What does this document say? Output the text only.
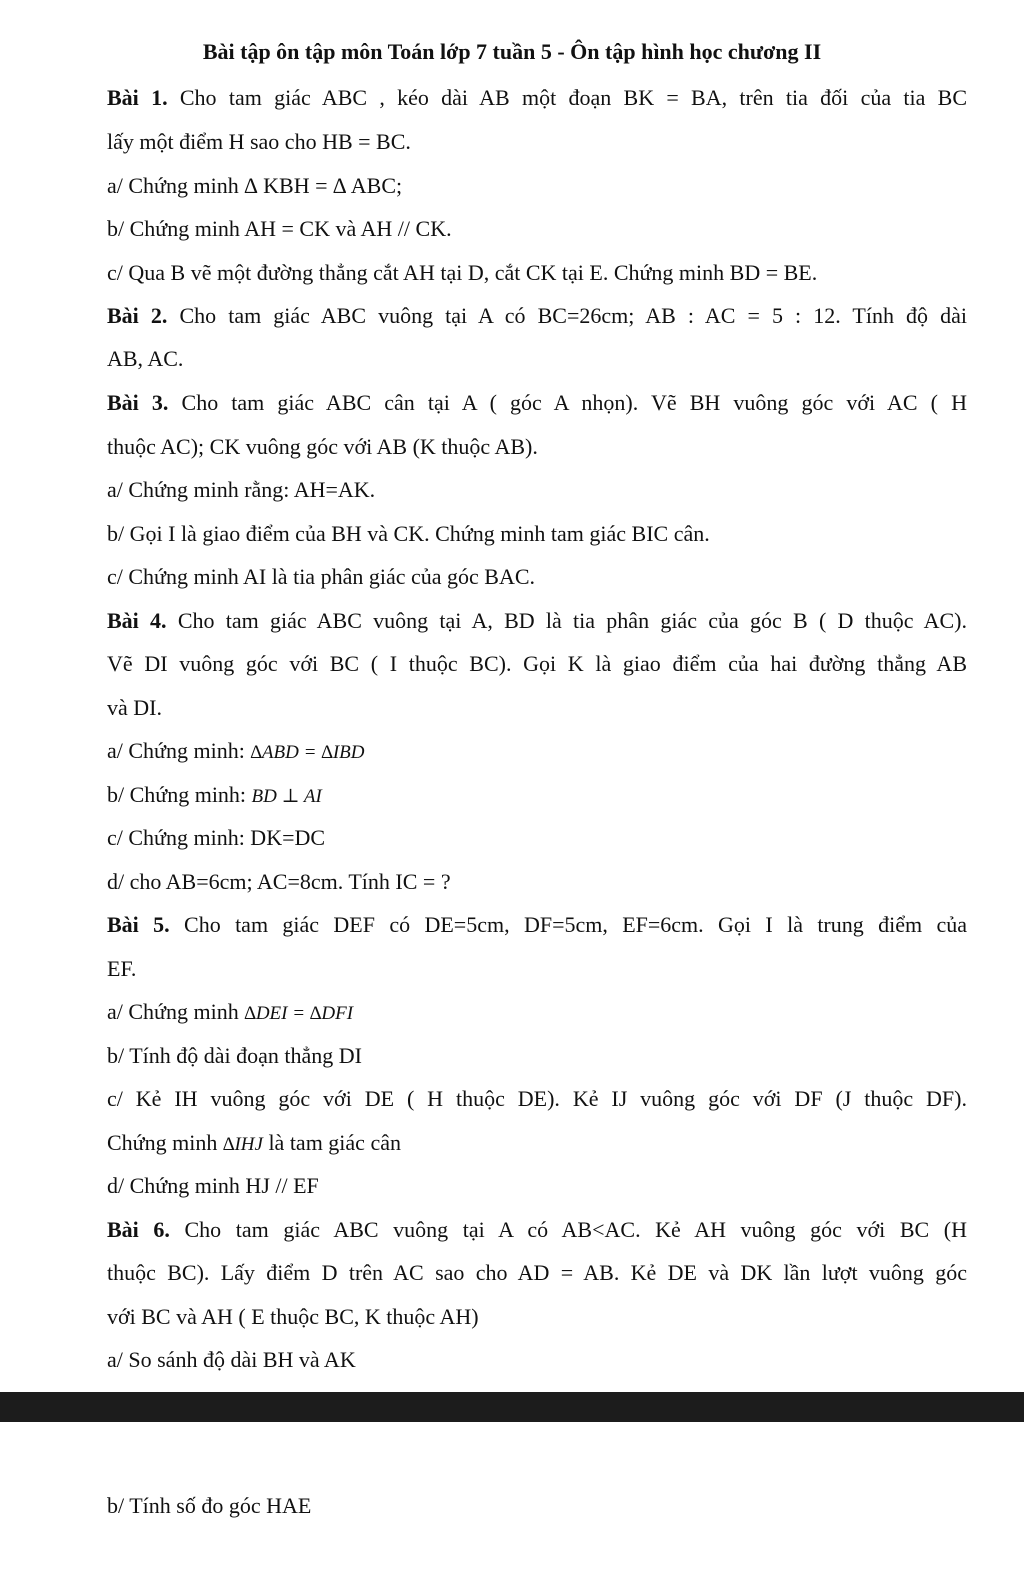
Bài tập ôn tập môn Toán lớp 7 tuần 5 - Ôn tập hình học chương II
Bài 1. Cho tam giác ABC , kéo dài AB một đoạn BK = BA, trên tia đối của tia BC
lấy một điểm H sao cho HB = BC.
a/ Chứng minh ∆ KBH = ∆ ABC;
b/ Chứng minh AH = CK và AH // CK.
c/ Qua B vẽ một đường thẳng cắt AH tại D, cắt CK tại E. Chứng minh BD = BE.
Bài 2. Cho tam giác ABC vuông tại A có BC=26cm; AB : AC = 5 : 12. Tính độ dài
AB, AC.
Bài 3. Cho tam giác ABC cân tại A ( góc A nhọn). Vẽ BH vuông góc với AC ( H
thuộc AC); CK vuông góc với AB (K thuộc AB).
a/ Chứng minh rằng: AH=AK.
b/ Gọi I là giao điểm của BH và CK. Chứng minh tam giác BIC cân.
c/ Chứng minh AI là tia phân giác của góc BAC.
Bài 4. Cho tam giác ABC vuông tại A, BD là tia phân giác của góc B ( D thuộc AC).
Vẽ DI vuông góc với BC ( I thuộc BC). Gọi K là giao điểm của hai đường thẳng AB
và DI.
a/ Chứng minh: ∆ABD = ∆IBD
b/ Chứng minh: BD ⊥ AI
c/ Chứng minh: DK=DC
d/ cho AB=6cm; AC=8cm. Tính IC = ?
Bài 5. Cho tam giác DEF có DE=5cm, DF=5cm, EF=6cm. Gọi I là trung điểm của
EF.
a/ Chứng minh ∆DEI = ∆DFI
b/ Tính độ dài đoạn thẳng DI
c/ Kẻ IH vuông góc với DE ( H thuộc DE). Kẻ IJ vuông góc với DF (J thuộc DF).
Chứng minh ∆IHJ là tam giác cân
d/ Chứng minh HJ // EF
Bài 6. Cho tam giác ABC vuông tại A có AB<AC. Kẻ AH vuông góc với BC (H
thuộc BC). Lấy điểm D trên AC sao cho AD = AB. Kẻ DE và DK lần lượt vuông góc
với BC và AH ( E thuộc BC, K thuộc AH)
a/ So sánh độ dài BH và AK
b/ Tính số đo góc HAE
